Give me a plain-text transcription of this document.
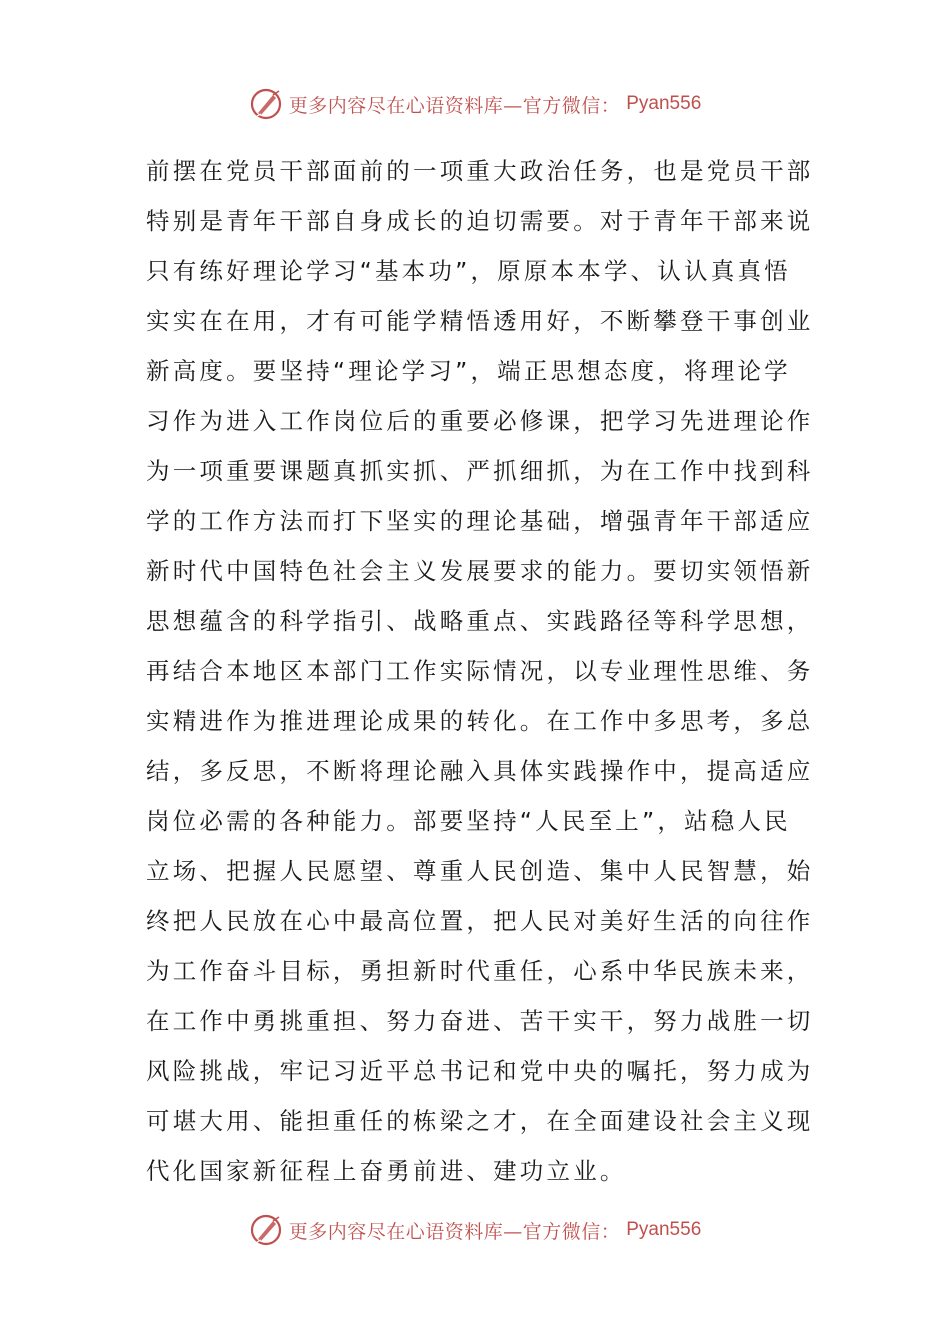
更多内容尽在心语资料库—官方微信： Pyan556
前摆在党员干部面前的一项重大政治任务，也是党员干部
特别是青年干部自身成长的迫切需要。对于青年干部来说
只有练好理论学习“基本功”，原原本本学、认认真真悟
实实在在用，才有可能学精悟透用好，不断攀登干事创业
新高度。要坚持“理论学习”，端正思想态度，将理论学
习作为进入工作岗位后的重要必修课，把学习先进理论作
为一项重要课题真抓实抓、严抓细抓，为在工作中找到科
学的工作方法而打下坚实的理论基础，增强青年干部适应
新时代中国特色社会主义发展要求的能力。要切实领悟新
思想蕴含的科学指引、战略重点、实践路径等科学思想，
再结合本地区本部门工作实际情况，以专业理性思维、务
实精进作为推进理论成果的转化。在工作中多思考，多总
结，多反思，不断将理论融入具体实践操作中，提高适应
岗位必需的各种能力。部要坚持“人民至上”，站稳人民
立场、把握人民愿望、尊重人民创造、集中人民智慧，始
终把人民放在心中最高位置，把人民对美好生活的向往作
为工作奋斗目标，勇担新时代重任，心系中华民族未来，
在工作中勇挑重担、努力奋进、苦干实干，努力战胜一切
风险挑战，牢记习近平总书记和党中央的嘱托，努力成为
可堪大用、能担重任的栋梁之才，在全面建设社会主义现
代化国家新征程上奋勇前进、建功立业。
更多内容尽在心语资料库—官方微信： Pyan556
